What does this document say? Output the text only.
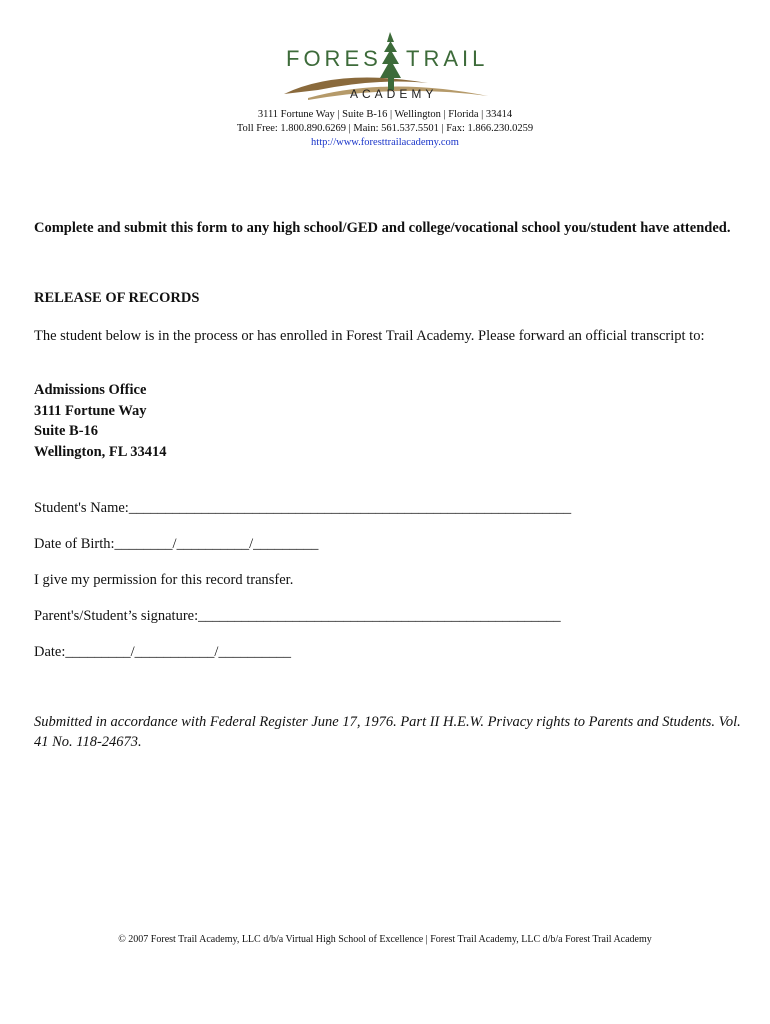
FORES TRAIL
ACADEMY
3111 Fortune Way | Suite B-16 | Wellington | Florida | 33414
Toll Free: 1.800.890.6269 | Main: 561.537.5501 | Fax: 1.866.230.0259
http://www.foresttrailacademy.com
Complete and submit this form to any high school/GED and college/vocational school you/student have attended.
RELEASE OF RECORDS
The student below is in the process or has enrolled in Forest Trail Academy. Please forward an official transcript to:
Admissions Office
3111 Fortune Way
Suite B-16
Wellington, FL 33414
Student's Name:_____________________________________________________________
Date of Birth:________/__________/_________
I give my permission for this record transfer.
Parent's/Student’s signature:__________________________________________________
Date:_________/___________/__________
Submitted in accordance with Federal Register June 17, 1976. Part II H.E.W. Privacy rights to Parents and Students. Vol. 41 No. 118-24673.
© 2007 Forest Trail Academy, LLC d/b/a Virtual High School of Excellence | Forest Trail Academy, LLC d/b/a Forest Trail Academy
